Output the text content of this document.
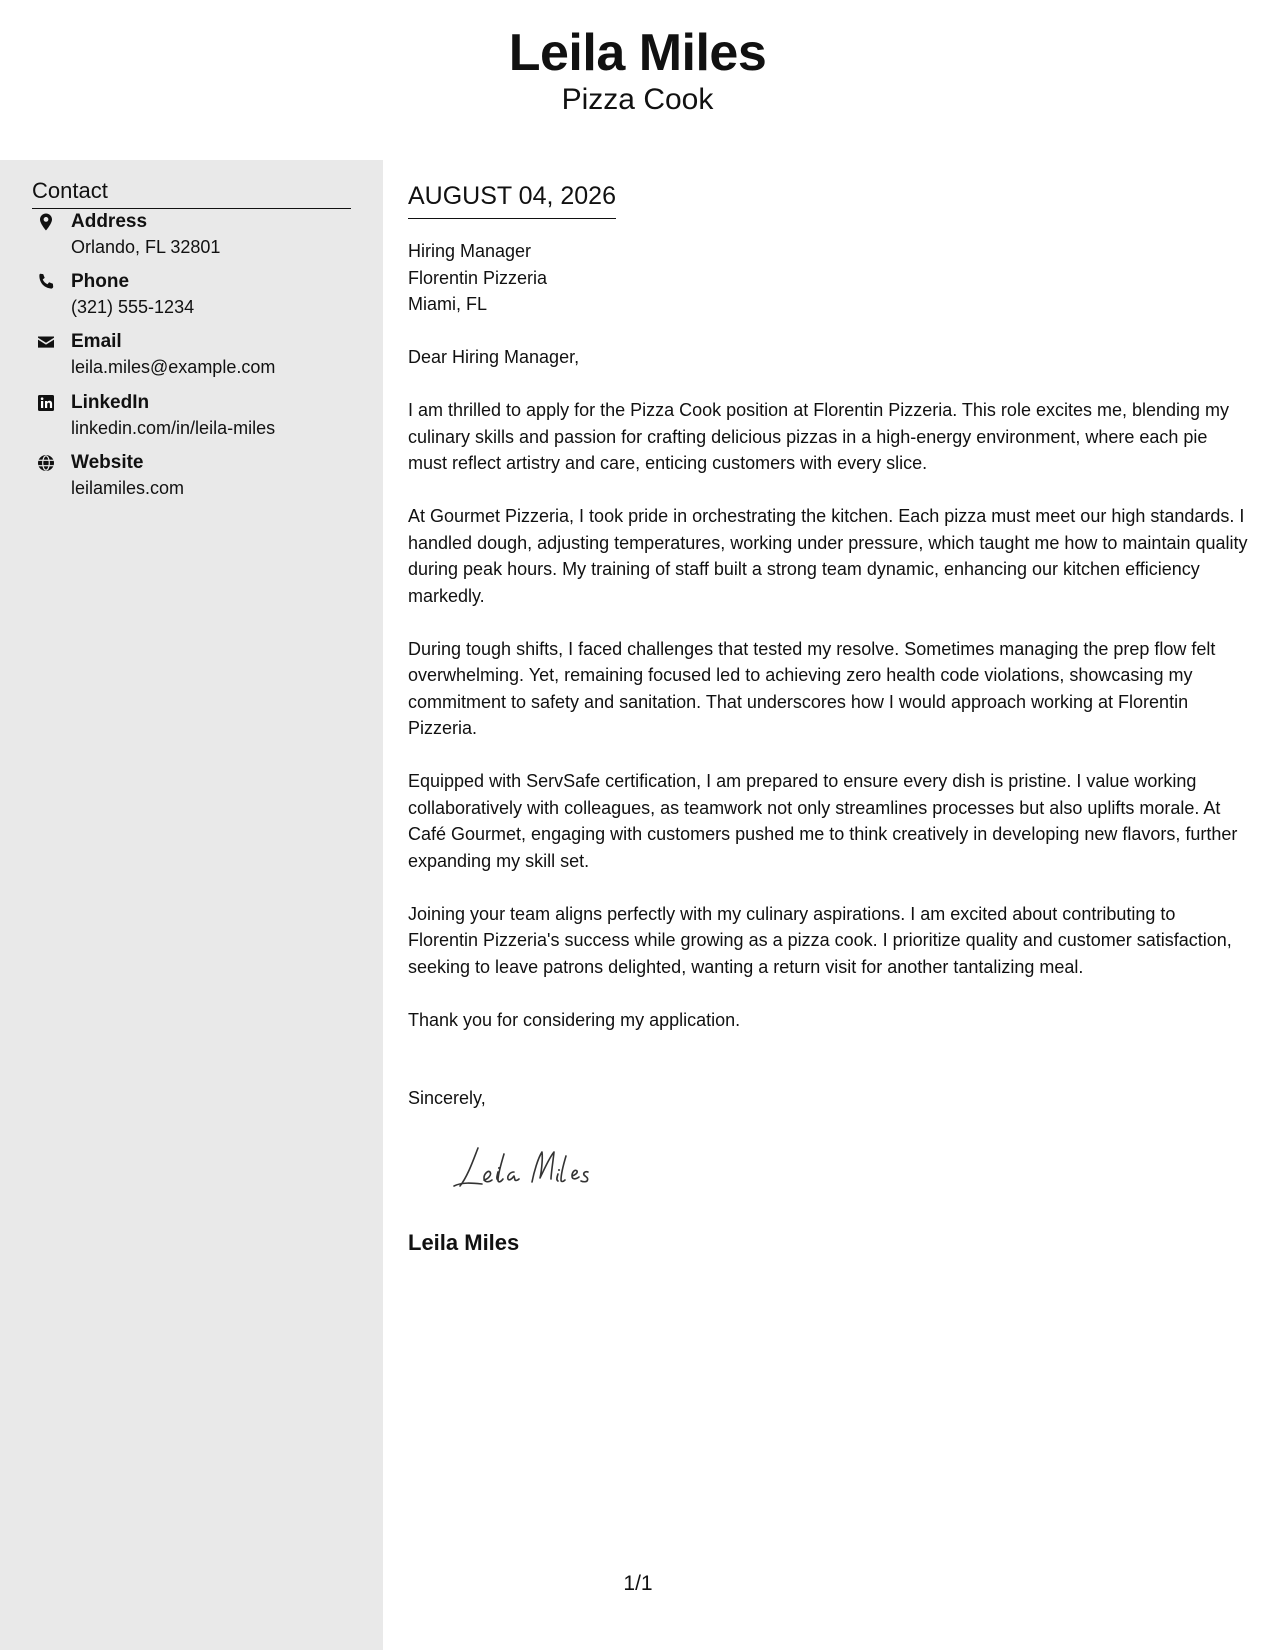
Leila Miles
Pizza Cook
Contact
Address
Orlando, FL 32801
Phone
(321) 555-1234
Email
leila.miles@example.com
LinkedIn
linkedin.com/in/leila-miles
Website
leilamiles.com
AUGUST 04, 2026
Hiring Manager
Florentin Pizzeria
Miami, FL

Dear Hiring Manager,

I am thrilled to apply for the Pizza Cook position at Florentin Pizzeria. This role excites me, blending my culinary skills and passion for crafting delicious pizzas in a high-energy environment, where each pie must reflect artistry and care, enticing customers with every slice.

At Gourmet Pizzeria, I took pride in orchestrating the kitchen. Each pizza must meet our high standards. I handled dough, adjusting temperatures, working under pressure, which taught me how to maintain quality during peak hours. My training of staff built a strong team dynamic, enhancing our kitchen efficiency markedly.

During tough shifts, I faced challenges that tested my resolve. Sometimes managing the prep flow felt overwhelming. Yet, remaining focused led to achieving zero health code violations, showcasing my commitment to safety and sanitation. That underscores how I would approach working at Florentin Pizzeria.

Equipped with ServSafe certification, I am prepared to ensure every dish is pristine. I value working collaboratively with colleagues, as teamwork not only streamlines processes but also uplifts morale. At Café Gourmet, engaging with customers pushed me to think creatively in developing new flavors, further expanding my skill set.

Joining your team aligns perfectly with my culinary aspirations. I am excited about contributing to Florentin Pizzeria's success while growing as a pizza cook. I prioritize quality and customer satisfaction, seeking to leave patrons delighted, wanting a return visit for another tantalizing meal.

Thank you for considering my application.

Sincerely,
Leila Miles
1/1
